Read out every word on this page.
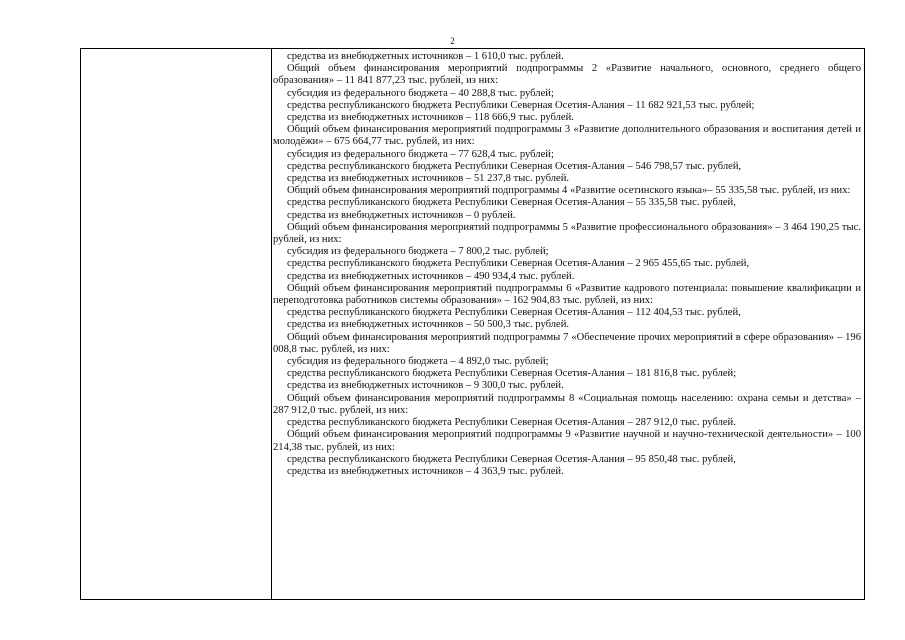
2

средства из внебюджетных источников – 1 610,0 тыс. рублей.

Общий объем финансирования мероприятий подпрограммы 2 «Развитие начального, основного, среднего общего образования» – 11 841 877,23 тыс. рублей, из них:

субсидия из федерального бюджета – 40 288,8 тыс. рублей;

средства республиканского бюджета Республики Северная Осетия-Алания – 11 682 921,53 тыс. рублей;

средства из внебюджетных источников – 118 666,9 тыс. рублей.

Общий объем финансирования мероприятий подпрограммы 3 «Развитие дополнительного образования и воспитания детей и молодёжи» – 675 664,77 тыс. рублей, из них:

субсидия из федерального бюджета – 77 628,4 тыс. рублей;

средства республиканского бюджета Республики Северная Осетия-Алания – 546 798,57 тыс. рублей,

средства из внебюджетных источников – 51 237,8 тыс. рублей.

Общий объем финансирования мероприятий подпрограммы 4 «Развитие осетинского языка»– 55 335,58 тыс. рублей, из них:

средства республиканского бюджета Республики Северная Осетия-Алания – 55 335,58 тыс. рублей,

средства из внебюджетных источников – 0 рублей.

Общий объем финансирования мероприятий подпрограммы 5 «Развитие профессионального образования» – 3 464 190,25 тыс. рублей, из них:

субсидия из федерального бюджета – 7 800,2 тыс. рублей;

средства республиканского бюджета Республики Северная Осетия-Алания – 2 965 455,65 тыс. рублей,

средства из внебюджетных источников – 490 934,4 тыс. рублей.

Общий объем финансирования мероприятий подпрограммы 6 «Развитие кадрового потенциала: повышение квалификации и переподготовка работников системы образования» – 162 904,83 тыс. рублей, из них:

средства республиканского бюджета Республики Северная Осетия-Алания – 112 404,53 тыс. рублей,

средства из внебюджетных источников – 50 500,3 тыс. рублей.

Общий объем финансирования мероприятий подпрограммы 7 «Обеспечение прочих мероприятий в сфере образования» – 196 008,8 тыс. рублей, из них:

субсидия из федерального бюджета – 4 892,0 тыс. рублей;

средства республиканского бюджета Республики Северная Осетия-Алания – 181 816,8 тыс. рублей;

средства из внебюджетных источников – 9 300,0 тыс. рублей.

Общий объем финансирования мероприятий подпрограммы 8 «Социальная помощь населению: охрана семьи и детства» – 287 912,0 тыс. рублей, из них:

средства республиканского бюджета Республики Северная Осетия-Алания – 287 912,0 тыс. рублей.

Общий объем финансирования мероприятий подпрограммы 9 «Развитие научной и научно-технической деятельности» – 100 214,38 тыс. рублей, из них:

средства республиканского бюджета Республики Северная Осетия-Алания – 95 850,48 тыс. рублей,

средства из внебюджетных источников – 4 363,9 тыс. рублей.
